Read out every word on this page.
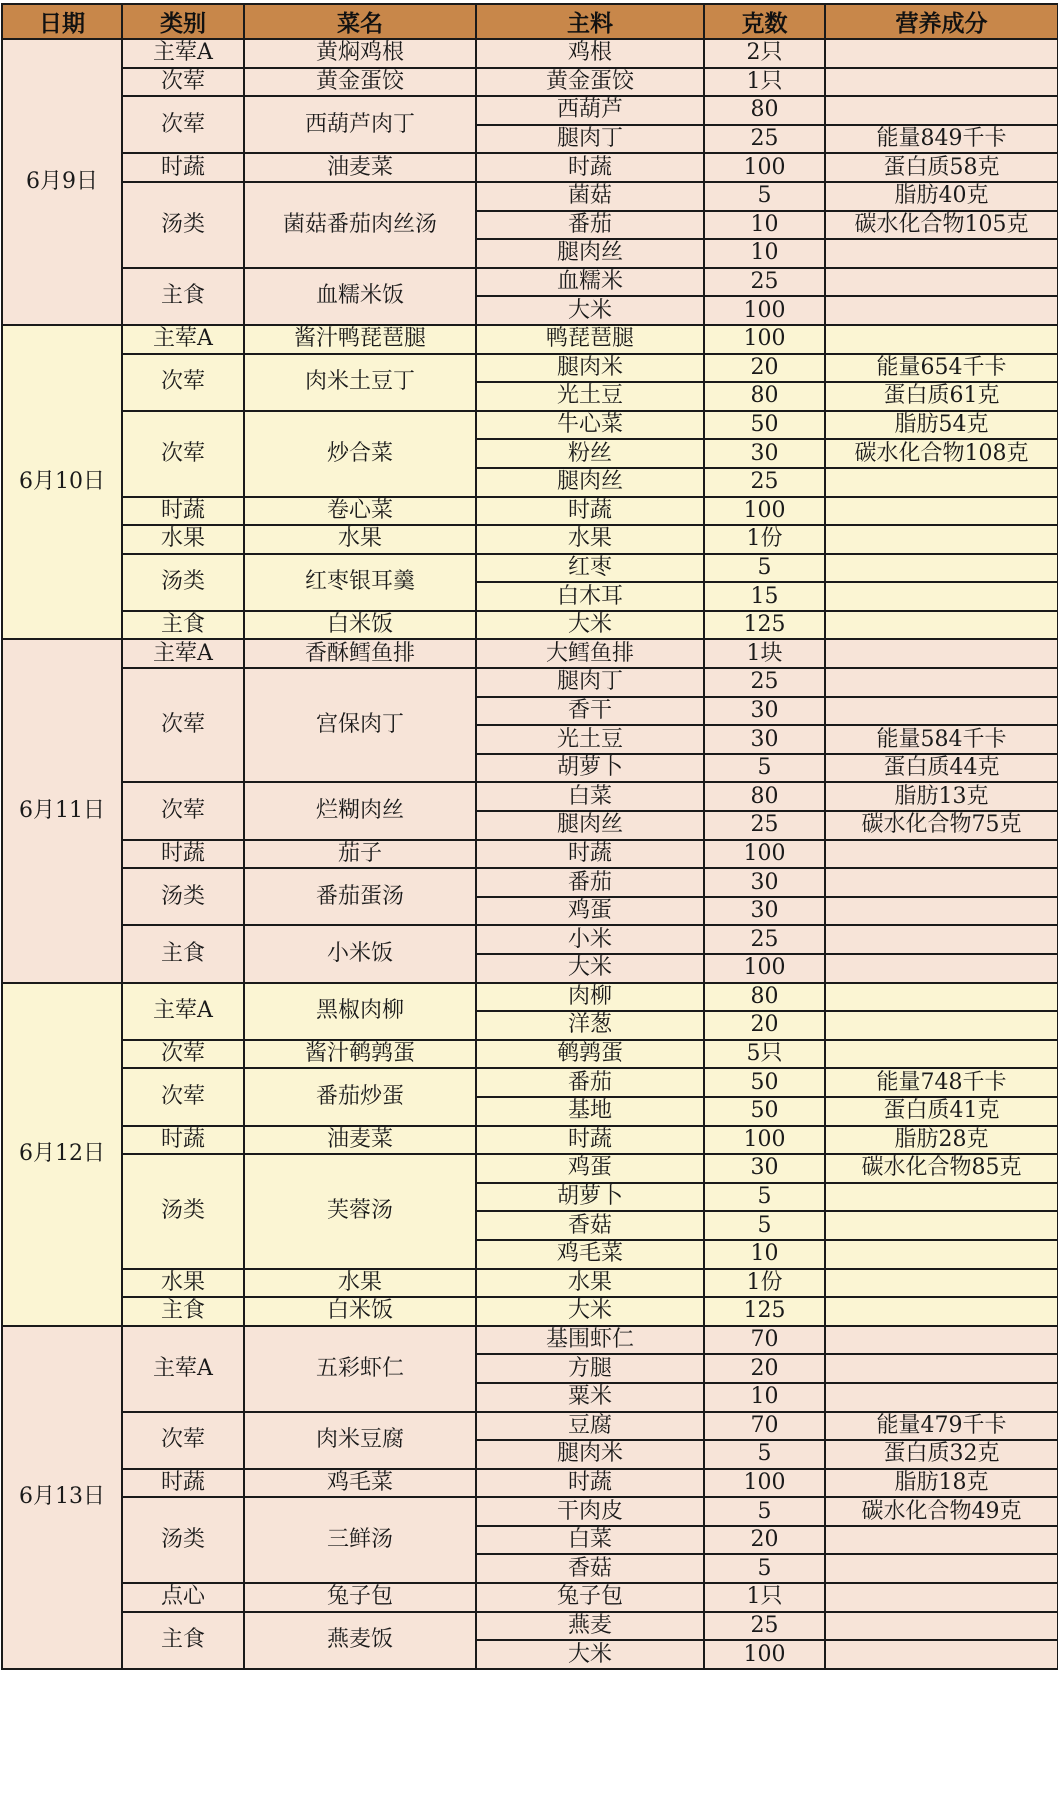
日期	类别	菜名	主料	克数	营养成分
6月9日	主荤A	黄焖鸡根	鸡根	2只	
	次荤	黄金蛋饺	黄金蛋饺	1只	
	次荤	西葫芦肉丁	西葫芦	80	
			腿肉丁	25	能量849千卡
	时蔬	油麦菜	时蔬	100	蛋白质58克
	汤类	菌菇番茄肉丝汤	菌菇	5	脂肪40克
			番茄	10	碳水化合物105克
			腿肉丝	10	
	主食	血糯米饭	血糯米	25	
			大米	100	
6月10日	主荤A	酱汁鸭琵琶腿	鸭琵琶腿	100	
	次荤	肉米土豆丁	腿肉米	20	能量654千卡
			光土豆	80	蛋白质61克
	次荤	炒合菜	牛心菜	50	脂肪54克
			粉丝	30	碳水化合物108克
			腿肉丝	25	
	时蔬	卷心菜	时蔬	100	
	水果	水果	水果	1份	
	汤类	红枣银耳羹	红枣	5	
			白木耳	15	
	主食	白米饭	大米	125	
6月11日	主荤A	香酥鳕鱼排	大鳕鱼排	1块	
	次荤	宫保肉丁	腿肉丁	25	
			香干	30	
			光土豆	30	能量584千卡
			胡萝卜	5	蛋白质44克
	次荤	烂糊肉丝	白菜	80	脂肪13克
			腿肉丝	25	碳水化合物75克
	时蔬	茄子	时蔬	100	
	汤类	番茄蛋汤	番茄	30	
			鸡蛋	30	
	主食	小米饭	小米	25	
			大米	100	
6月12日	主荤A	黑椒肉柳	肉柳	80	
			洋葱	20	
	次荤	酱汁鹌鹑蛋	鹌鹑蛋	5只	
	次荤	番茄炒蛋	番茄	50	能量748千卡
			基地	50	蛋白质41克
	时蔬	油麦菜	时蔬	100	脂肪28克
	汤类	芙蓉汤	鸡蛋	30	碳水化合物85克
			胡萝卜	5	
			香菇	5	
			鸡毛菜	10	
	水果	水果	水果	1份	
	主食	白米饭	大米	125	
6月13日	主荤A	五彩虾仁	基围虾仁	70	
			方腿	20	
			粟米	10	
	次荤	肉米豆腐	豆腐	70	能量479千卡
			腿肉米	5	蛋白质32克
	时蔬	鸡毛菜	时蔬	100	脂肪18克
	汤类	三鲜汤	干肉皮	5	碳水化合物49克
			白菜	20	
			香菇	5	
	点心	兔子包	兔子包	1只	
	主食	燕麦饭	燕麦	25	
			大米	100	
